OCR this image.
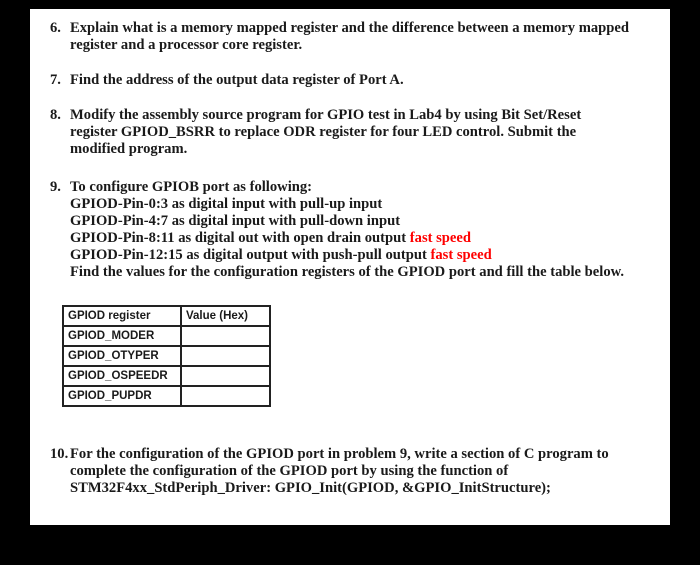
6. Explain what is a memory mapped register and the difference between a memory mapped
register and a processor core register.
7. Find the address of the output data register of Port A.
8. Modify the assembly source program for GPIO test in Lab4 by using Bit Set/Reset
register GPIOD_BSRR to replace ODR register for four LED control. Submit the
modified program.
9. To configure GPIOB port as following:
GPIOD-Pin-0:3 as digital input with pull-up input
GPIOD-Pin-4:7 as digital input with pull-down input
GPIOD-Pin-8:11 as digital out with open drain output fast speed
GPIOD-Pin-12:15 as digital output with push-pull output fast speed
Find the values for the configuration registers of the GPIOD port and fill the table below.
GPIOD register	Value (Hex)
GPIOD_MODER	
GPIOD_OTYPER	
GPIOD_OSPEEDR	
GPIOD_PUPDR	
10. For the configuration of the GPIOD port in problem 9, write a section of C program to
complete the configuration of the GPIOD port by using the function of
STM32F4xx_StdPeriph_Driver: GPIO_Init(GPIOD, &GPIO_InitStructure);
